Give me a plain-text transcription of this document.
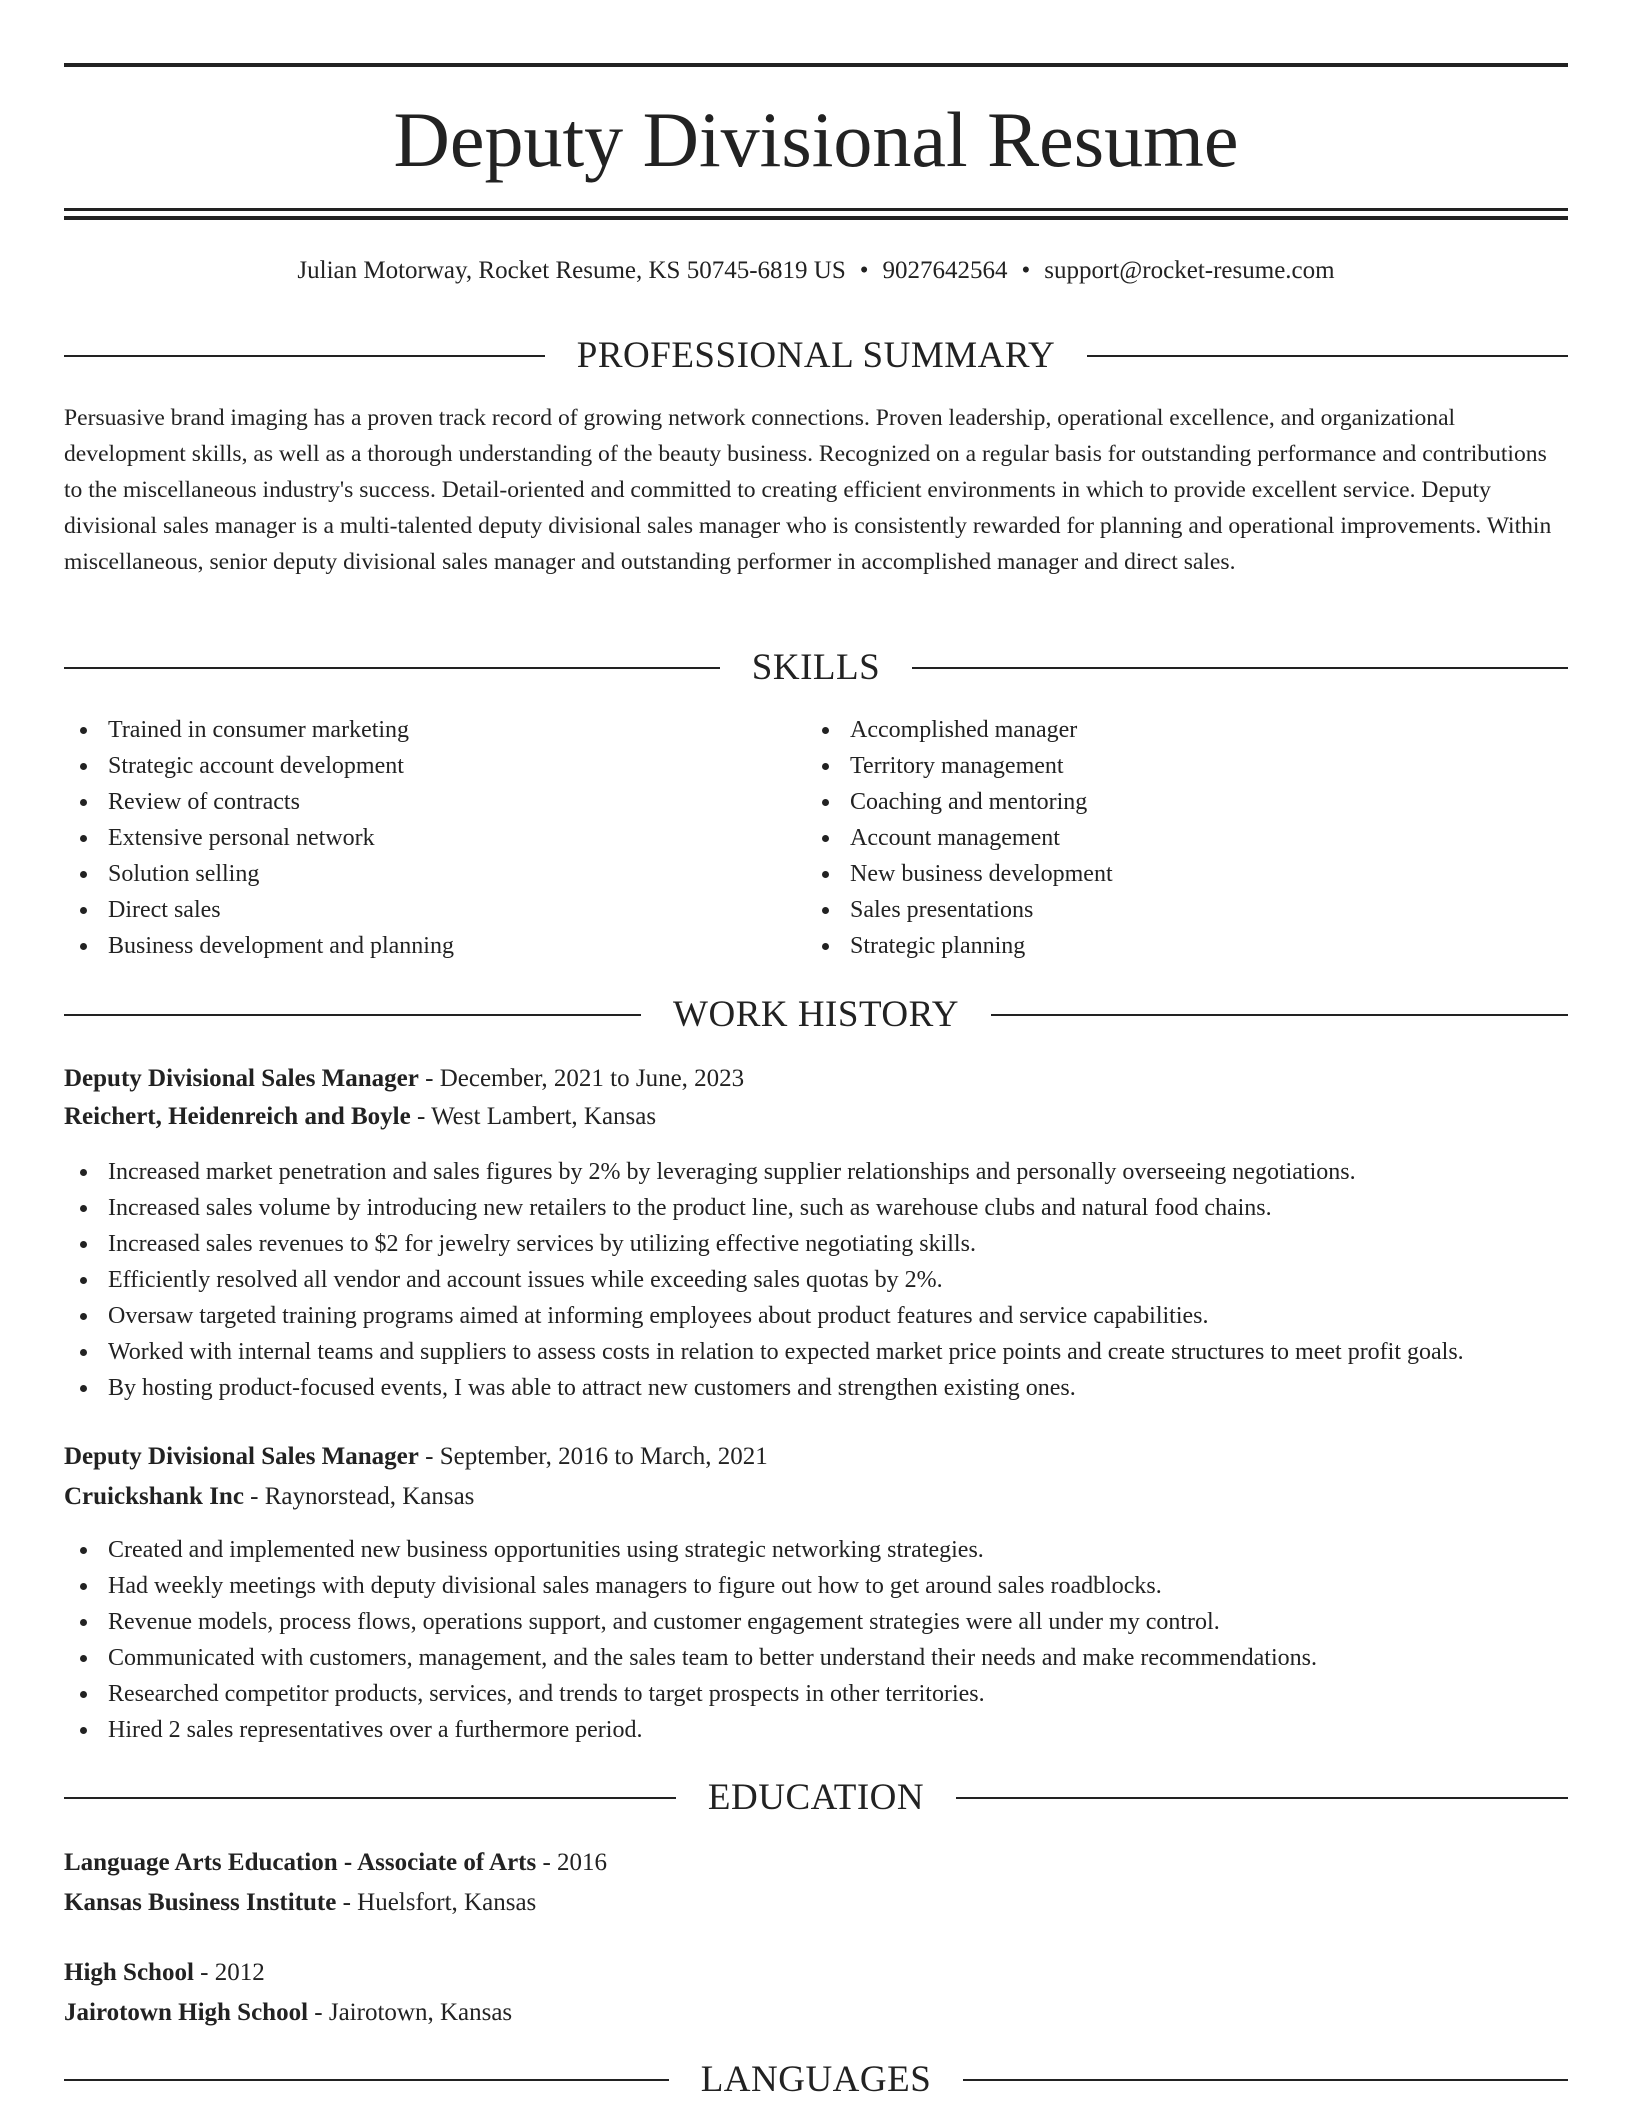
Deputy Divisional Resume
Julian Motorway, Rocket Resume, KS 50745-6819 US • 9027642564 • support@rocket-resume.com
PROFESSIONAL SUMMARY

Persuasive brand imaging has a proven track record of growing network connections. Proven leadership, operational excellence, and organizational development skills, as well as a thorough understanding of the beauty business. Recognized on a regular basis for outstanding performance and contributions to the miscellaneous industry's success. Detail-oriented and committed to creating efficient environments in which to provide excellent service. Deputy divisional sales manager is a multi-talented deputy divisional sales manager who is consistently rewarded for planning and operational improvements. Within miscellaneous, senior deputy divisional sales manager and outstanding performer in accomplished manager and direct sales.

SKILLS
Trained in consumer marketing
Strategic account development
Review of contracts
Extensive personal network
Solution selling
Direct sales
Business development and planning
Accomplished manager
Territory management
Coaching and mentoring
Account management
New business development
Sales presentations
Strategic planning
WORK HISTORY
Deputy Divisional Sales Manager - December, 2021 to June, 2023
Reichert, Heidenreich and Boyle - West Lambert, Kansas
Increased market penetration and sales figures by 2% by leveraging supplier relationships and personally overseeing negotiations.
Increased sales volume by introducing new retailers to the product line, such as warehouse clubs and natural food chains.
Increased sales revenues to $2 for jewelry services by utilizing effective negotiating skills.
Efficiently resolved all vendor and account issues while exceeding sales quotas by 2%.
Oversaw targeted training programs aimed at informing employees about product features and service capabilities.
Worked with internal teams and suppliers to assess costs in relation to expected market price points and create structures to meet profit goals.
By hosting product-focused events, I was able to attract new customers and strengthen existing ones.
Deputy Divisional Sales Manager - September, 2016 to March, 2021
Cruickshank Inc - Raynorstead, Kansas
Created and implemented new business opportunities using strategic networking strategies.
Had weekly meetings with deputy divisional sales managers to figure out how to get around sales roadblocks.
Revenue models, process flows, operations support, and customer engagement strategies were all under my control.
Communicated with customers, management, and the sales team to better understand their needs and make recommendations.
Researched competitor products, services, and trends to target prospects in other territories.
Hired 2 sales representatives over a furthermore period.
EDUCATION
Language Arts Education - Associate of Arts - 2016
Kansas Business Institute - Huelsfort, Kansas
High School - 2012
Jairotown High School - Jairotown, Kansas
LANGUAGES
